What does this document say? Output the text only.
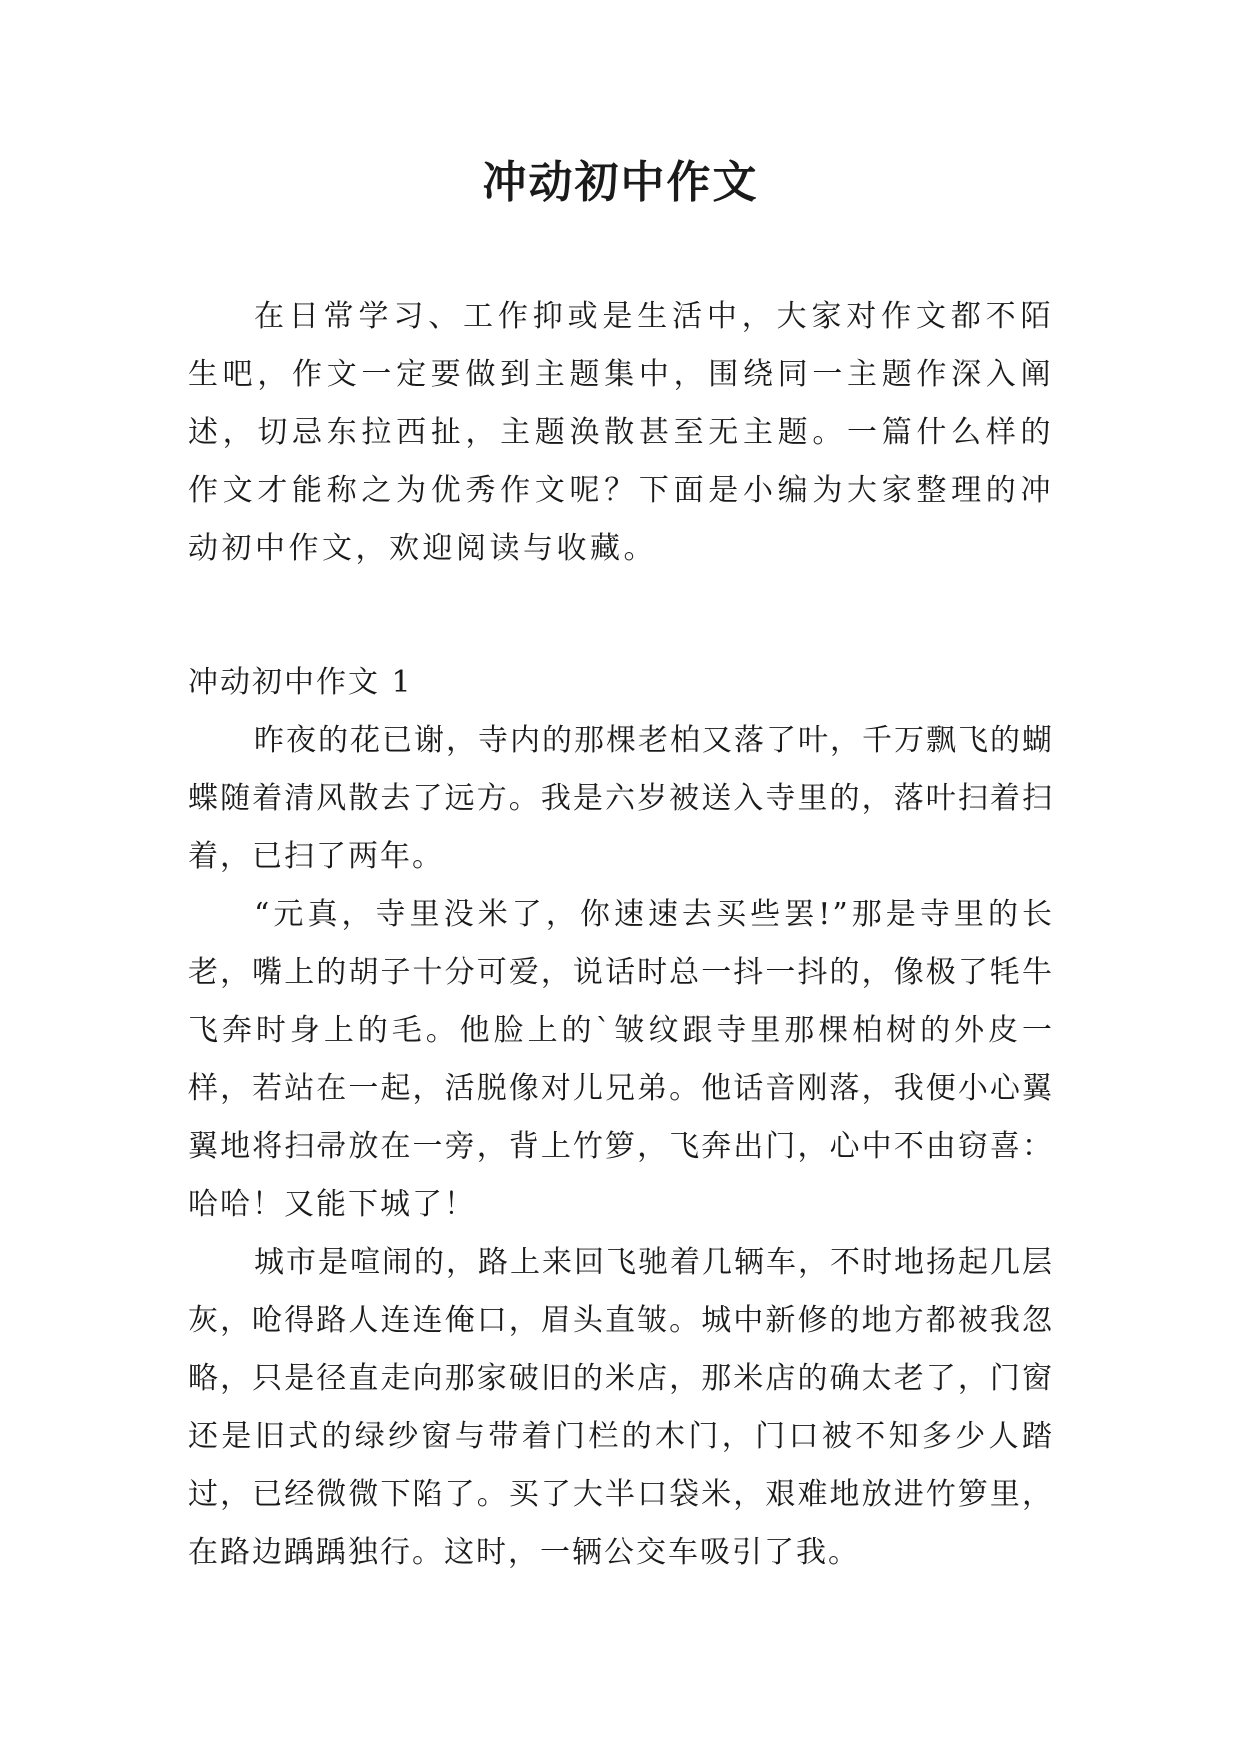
冲动初中作文

在日常学习、工作抑或是生活中，大家对作文都不陌生吧，作文一定要做到主题集中，围绕同一主题作深入阐述，切忌东拉西扯，主题涣散甚至无主题。一篇什么样的作文才能称之为优秀作文呢？下面是小编为大家整理的冲动初中作文，欢迎阅读与收藏。

冲动初中作文 1

昨夜的花已谢，寺内的那棵老柏又落了叶，千万飘飞的蝴蝶随着清风散去了远方。我是六岁被送入寺里的，落叶扫着扫着，已扫了两年。

“元真，寺里没米了，你速速去买些罢!”那是寺里的长老，嘴上的胡子十分可爱，说话时总一抖一抖的，像极了牦牛飞奔时身上的毛。他脸上的`皱纹跟寺里那棵柏树的外皮一样，若站在一起，活脱像对儿兄弟。他话音刚落，我便小心翼翼地将扫帚放在一旁，背上竹箩，飞奔出门，心中不由窃喜：哈哈！又能下城了！

城市是喧闹的，路上来回飞驰着几辆车，不时地扬起几层灰，呛得路人连连俺口，眉头直皱。城中新修的地方都被我忽略，只是径直走向那家破旧的米店，那米店的确太老了，门窗还是旧式的绿纱窗与带着门栏的木门，门口被不知多少人踏过，已经微微下陷了。买了大半口袋米，艰难地放进竹箩里，在路边踽踽独行。这时，一辆公交车吸引了我。
